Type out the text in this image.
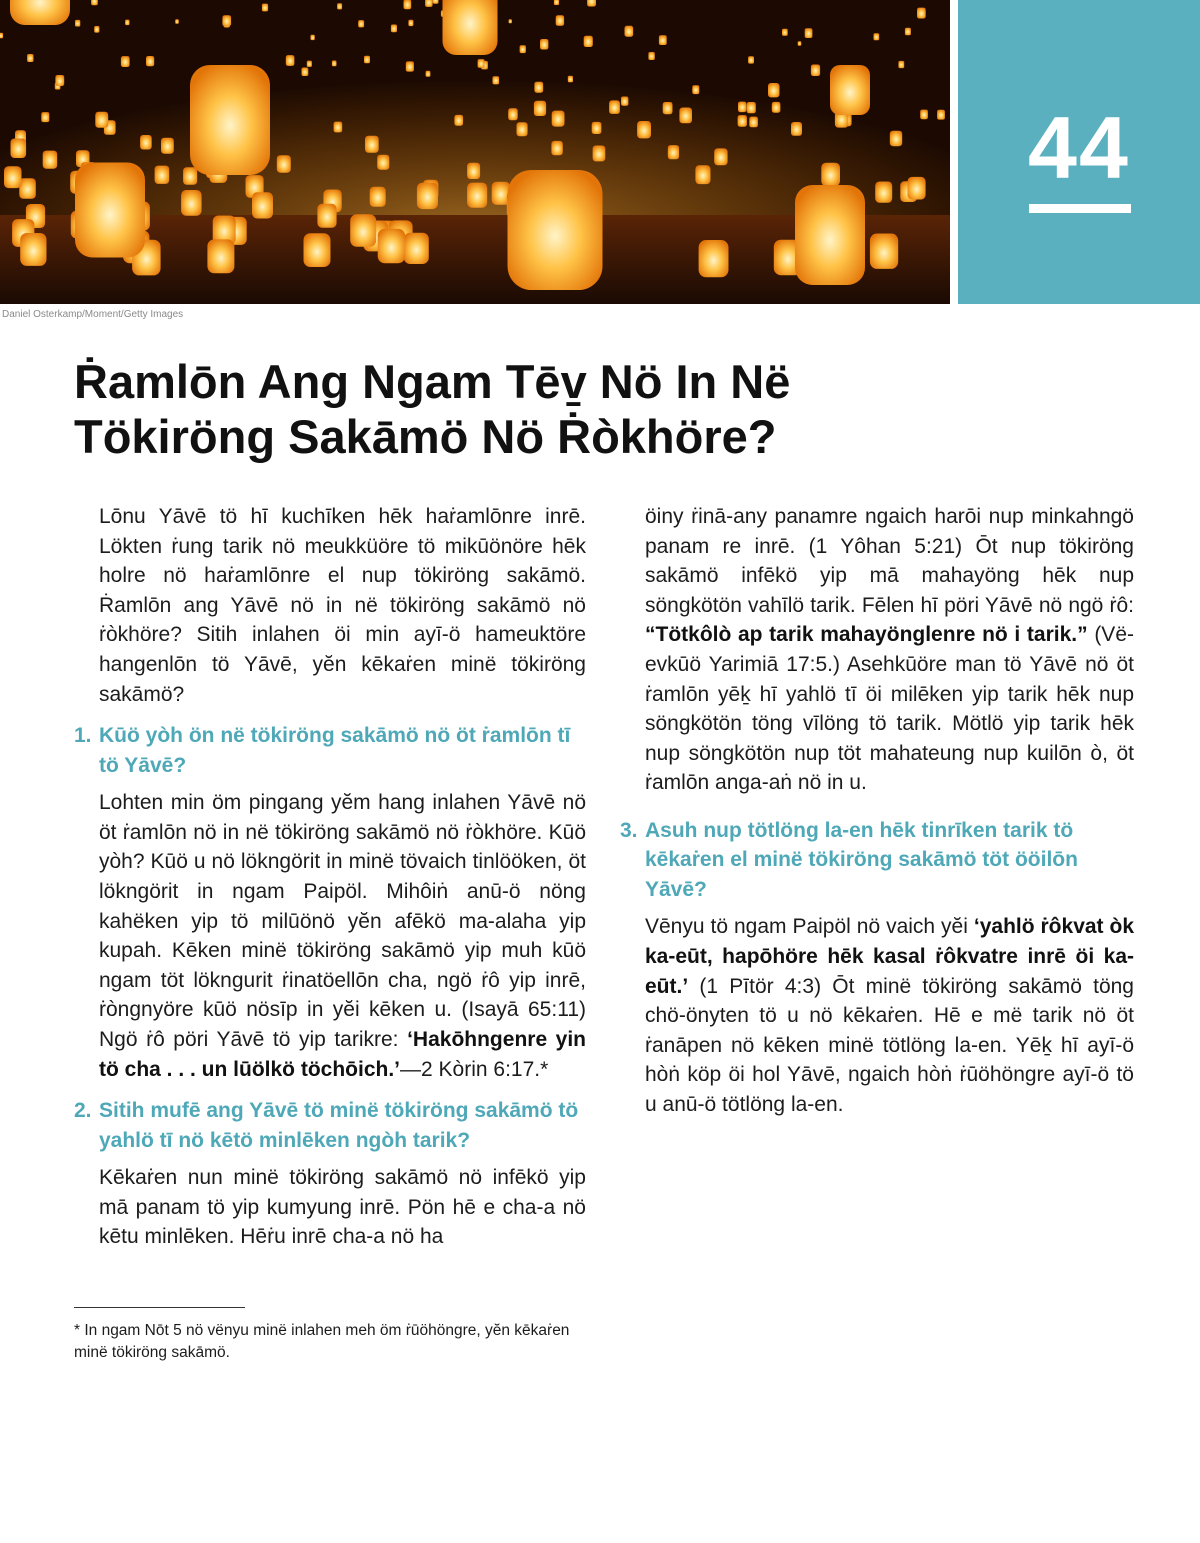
44
Daniel Osterkamp/Moment/Getty Images
Ṙamlōn Ang Ngam Tēv̱ Nö In Në
Tökiröng Sakāmö Nö Ṙòkhöre?

Lōnu Yāvē tö hī kuchīken hēk haṙamlōnre inrē. Lökten ṙung tarik nö meukküöre tö mikūönöre hēk holre nö haṙamlōnre el nup tökiröng sakāmö. Ṙamlōn ang Yāvē nö in në tökiröng sakāmö nö ṙòkhöre? Sitih inlahen öi min ayī-ö hameuktöre hangenlōn tö Yāvē, yĕn kēkaṙen minë tökiröng sakāmö?

1. Kūö yòh ön në tökiröng sakāmö nö öt ṙamlōn tī tö Yāvē?

Lohten min öm pingang yĕm hang inlahen Yāvē nö öt ṙamlōn nö in në tökiröng sakāmö nö ṙòkhöre. Kūö yòh? Kūö u nö lökngörit in minë tövaich tinlööken, öt lökngörit in ngam Paipöl. Mihôiṅ anū-ö nöng kahëken yip tö milūönö yĕn afēkö ma-alaha yip kupah. Kēken minë tökiröng sakāmö yip muh kūö ngam töt lökngurit ṙinatöellōn cha, ngö ṙô yip inrē, ṙòngnyöre kūö nösīp in yĕi kēken u. (Isayā 65:11) Ngö ṙô pöri Yāvē tö yip tarikre: ‘Hakōhngenre yin tö cha . . . un lūölkö töchōich.’—2 Kòrin 6:17.*

2. Sitih mufē ang Yāvē tö minë tökiröng sakāmö tö yahlö tī nö kētö minlēken ngòh tarik?

Kēkaṙen nun minë tökiröng sakāmö nö infēkö yip mā panam tö yip kumyung inrē. Pön hē e cha-a nö kētu minlēken. Hēṙu inrē cha-a nö ha

öiny ṙinā-any panamre ngaich harōi nup minkahngö panam re inrē. (1 Yôhan 5:21) Ōt nup tökiröng sakāmö infēkö yip mā mahayöng hēk nup söngkötön vahīlö tarik. Fēlen hī pöri Yāvē nö ngö ṙô: “Tötkôlò ap tarik mahayönglenre nö i tarik.” (Vë-evkūö Yarimiā 17:5.) Asehkūöre man tö Yāvē nö öt ṙamlōn yēḵ hī yahlö tī öi milēken yip tarik hēk nup söngkötön töng vīlöng tö tarik. Mötlö yip tarik hēk nup söngkötön nup töt mahateung nup kuilōn ò, öt ṙamlōn anga-aṅ nö in u.

3. Asuh nup tötlöng la-en hēk tinrīken tarik tö kēkaṙen el minë tökiröng sakāmö töt ööilōn Yāvē?

Vēnyu tö ngam Paipöl nö vaich yĕi ‘yahlö ṙôkvat òk ka-eūt, hapōhöre hēk kasal ṙôkvatre inrē öi ka-eūt.’ (1 Pītör 4:3) Ōt minë tökiröng sakāmö töng chö-önyten tö u nö kēkaṙen. Hē e më tarik nö öt ṙanāpen nö kēken minë tötlöng la-en. Yēḵ hī ayī-ö hòṅ köp öi hol Yāvē, ngaich hòṅ ṙūöhöngre ayī-ö tö u anū-ö tötlöng la-en.

* In ngam Nōt 5 nö vënyu minë inlahen meh öm ṙūöhöngre, yĕn kēkaṙen minë tökiröng sakāmö.
